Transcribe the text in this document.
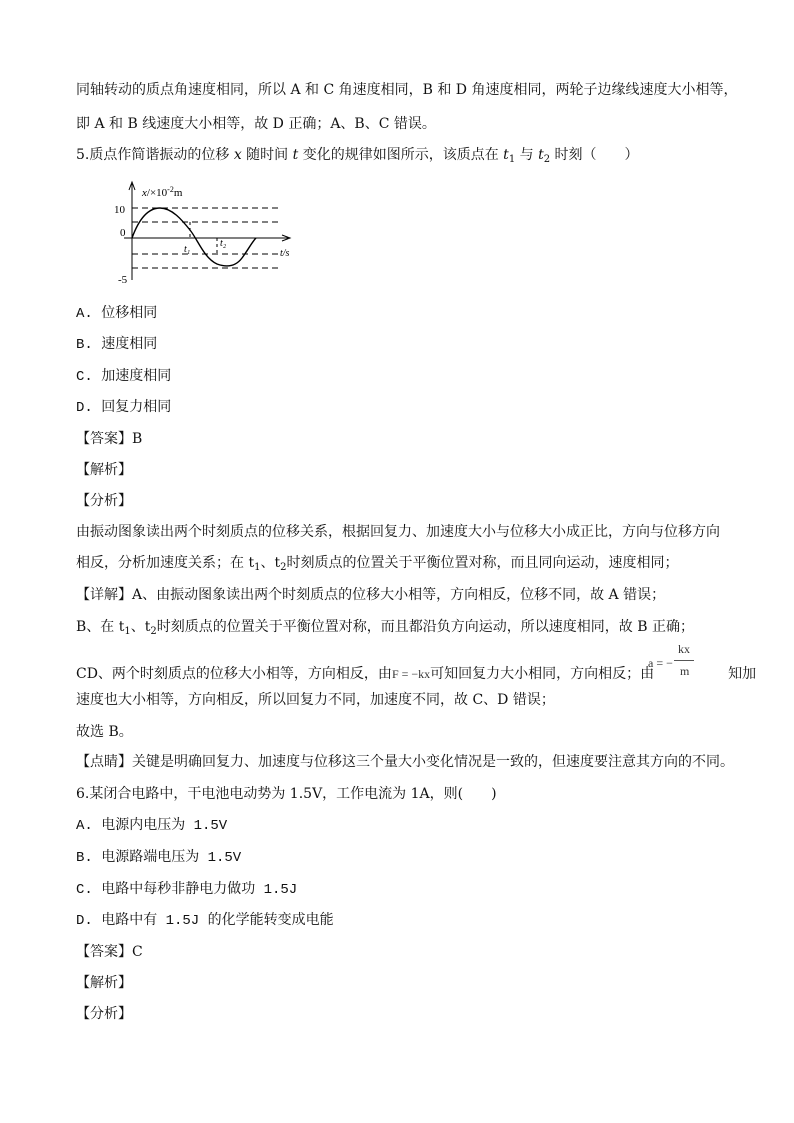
同轴转动的质点角速度相同，所以 A 和 C 角速度相同，B 和 D 角速度相同，两轮子边缘线速度大小相等，
即 A 和 B 线速度大小相等，故 D 正确；A、B、C 错误。
5.质点作简谐振动的位移 x 随时间 t 变化的规律如图所示，该质点在 $t_1$ 与 $t_2$ 时刻（　　）
$x/\times 10^{-2}m$
10
0
-5
t₁
t₂
t/s
A. 位移相同
B. 速度相同
C. 加速度相同
D. 回复力相同
【答案】B
【解析】
【分析】
由振动图象读出两个时刻质点的位移关系，根据回复力、加速度大小与位移大小成正比，方向与位移方向
相反，分析加速度关系；在 $t_1$、$t_2$时刻质点的位置关于平衡位置对称，而且同向运动，速度相同；
【详解】A、由振动图象读出两个时刻质点的位移大小相等，方向相反，位移不同，故 A 错误；
B、在 $t_1$、$t_2$时刻质点的位置关于平衡位置对称，而且都沿负方向运动，所以速度相同，故 B 正确；
CD、两个时刻质点的位移大小相等，方向相反，由F = −kx可知回复力大小相同，方向相反；由	知加
a = −
kx
m
速度也大小相等，方向相反，所以回复力不同，加速度不同，故 C、D 错误；
故选 B。
【点睛】关键是明确回复力、加速度与位移这三个量大小变化情况是一致的，但速度要注意其方向的不同。
6.某闭合电路中，干电池电动势为 1.5V，工作电流为 1A，则(　　)
A. 电源内电压为 1.5V
B. 电源路端电压为 1.5V
C. 电路中每秒非静电力做功 1.5J
D. 电路中有 1.5J 的化学能转变成电能
【答案】C
【解析】
【分析】
